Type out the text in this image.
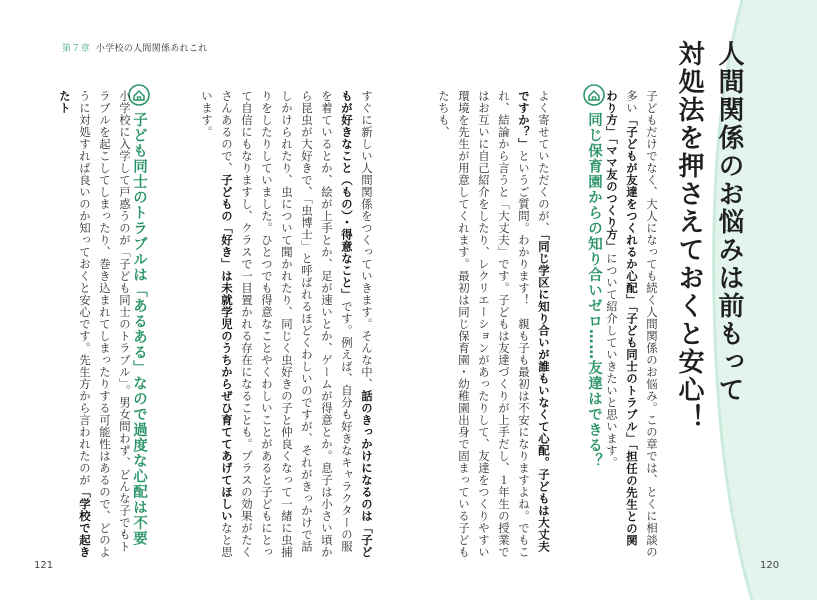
第７章 小学校の人間関係あれこれ	人間関係のお悩みは前もって
対処法を押さえておくと安心！

子どもだけでなく、大人になっても続く人間関係のお悩み。この章では、とくに相談の多い「子どもが友達をつくれるか心配」「子ども同士のトラブル」「担任の先生との関わり方」「ママ友のつくり方」について紹介していきたいと思います。

同じ保育園からの知り合いゼロ……友達はできる？

よく寄せていただくのが、「同じ学区に知り合いが誰もいなくて心配。子どもは大丈夫ですか？」というご質問。わかります！　親も子も最初は不安になりますよね。でもこれ、結論から言うと「大丈夫」です。子どもは友達づくりが上手だし、１年生の授業ではお互いに自己紹介をしたり、レクリエーションがあったりして、友達をつくりやすい環境を先生が用意してくれます。最初は同じ保育園・幼稚園出身で固まっている子どもたちも、

すぐに新しい人間関係をつくっていきます。そんな中、話のきっかけになるのは「子どもが好きなこと（もの）・得意なこと」です。例えば、自分も好きなキャラクターの服を着ているとか、絵が上手とか、足が速いとか、ゲームが得意とか。息子は小さい頃から昆虫が大好きで、「虫博士」と呼ばれるほどくわしいのですが、それがきっかけで話しかけられたり、虫について聞かれたり、同じく虫好きの子と仲良くなって一緒に虫捕りをしたりしていました。ひとつでも得意なことやくわしいことがあると子どもにとって自信にもなりますし、クラスで一目置かれる存在になることも。プラスの効果がたくさんあるので、子どもの「好き」は未就学児のうちからぜひ育ててあげてほしいなと思います。

子ども同士のトラブルは「あるある」なので過度な心配は不要

小学校に入学して戸惑うのが「子ども同士のトラブル」。男女問わず、どんな子でもトラブルを起こしてしまったり、巻き込まれてしまったりする可能性はあるので、どのように対処すれば良いのか知っておくと安心です。先生方から言われたのが「学校で起きたト

121	120
